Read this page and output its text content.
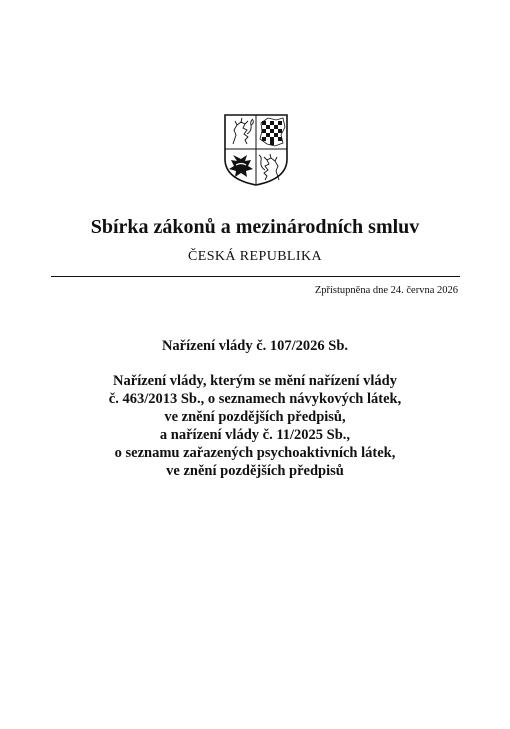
Sbírka zákonů a mezinárodních smluv
ČESKÁ REPUBLIKA
Zpřístupněna dne 24. června 2026
Nařízení vlády č. 107/2026 Sb.
Nařízení vlády, kterým se mění nařízení vlády
č. 463/2013 Sb., o seznamech návykových látek,
ve znění pozdějších předpisů,
a nařízení vlády č. 11/2025 Sb.,
o seznamu zařazených psychoaktivních látek,
ve znění pozdějších předpisů
